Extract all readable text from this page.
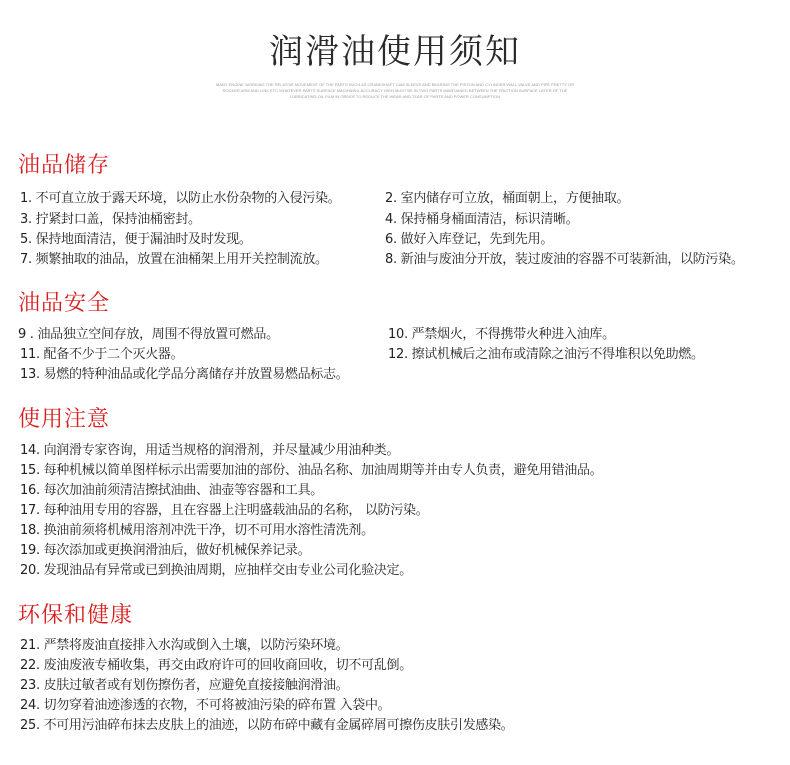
润滑油使用须知
MANY ENGINE WORKING THE RELATIVE MOVEMENT OF THE PARTS SUCH AS CRANKSHAFT CAM SLEEVE AND BEARING THE PISTON AND CYLINDER WALL VALVE AND PIPE PRETTY OR ROCKER ARM AND LINK ETC WHATEVER PARTS SURFACE MACHINING ACCURACY HIGH MUST BE IN TWO PARTS MAINTAINED BETWEEN THE FRICTION SURFACE LAYER OF THE LUBRICATING OIL FILM IN ORDER TO REDUCE THE WEAR AND TEAR OF PARTS AND POWER CONSUMPTION
油品储存
1. 不可直立放于露天环境，以防止水份杂物的入侵污染。	2. 室内储存可立放，桶面朝上，方便抽取。
3. 拧紧封口盖，保持油桶密封。	4. 保持桶身桶面清洁，标识清晰。
5. 保持地面清洁，便于漏油时及时发现。	6. 做好入库登记，先到先用。
7. 频繁抽取的油品，放置在油桶架上用开关控制流放。	8. 新油与废油分开放，装过废油的容器不可装新油，以防污染。
油品安全
9 . 油品独立空间存放，周围不得放置可燃品。	10. 严禁烟火，不得携带火种进入油库。
11. 配备不少于二个灭火器。	12. 擦试机械后之油布或清除之油污不得堆积以免助燃。
13. 易燃的特种油品或化学品分离储存并放置易燃品标志。
使用注意
14. 向润滑专家咨询，用适当规格的润滑剂，并尽量减少用油种类。
15. 每种机械以简单图样标示出需要加油的部份、油品名称、加油周期等并由专人负责，避免用错油品。
16. 每次加油前须清洁擦拭油曲、油壶等容器和工具。
17. 每种油用专用的容器，且在容器上注明盛载油品的名称， 以防污染。
18. 换油前须将机械用溶剂冲洗干净，切不可用水溶性清洗剂。
19. 每次添加或更换润滑油后，做好机械保养记录。
20. 发现油品有异常或已到换油周期，应抽样交由专业公司化验决定。
环保和健康
21. 严禁将废油直接排入水沟或倒入土壤，以防污染环境。
22. 废油废液专桶收集，再交由政府许可的回收商回收，切不可乱倒。
23. 皮肤过敏者或有划伤擦伤者，应避免直接接触润滑油。
24. 切勿穿着油迹渗透的衣物，不可将被油污染的碎布置 入袋中。
25. 不可用污油碎布抹去皮肤上的油迹，以防布碎中藏有金属碎屑可擦伤皮肤引发感染。
